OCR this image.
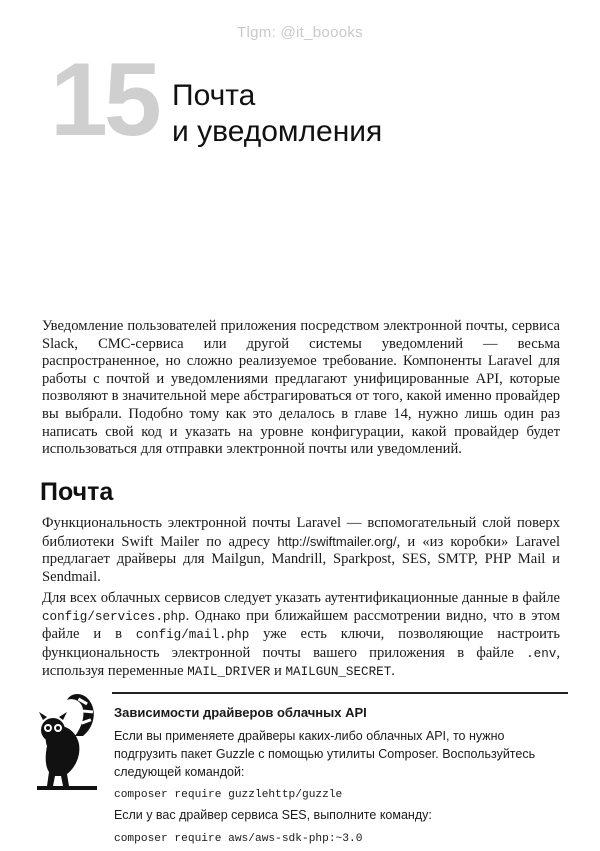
Tlgm: @it_boooks
15 Почта
и уведомления

Уведомление пользователей приложения посредством электронной почты, сервиса Slack, СМС-сервиса или другой системы уведомлений — весьма распространенное, но сложно реализуемое требование. Компоненты Laravel для работы с почтой и уведомлениями предлагают унифицированные API, которые позволяют в значительной мере абстрагироваться от того, какой именно провайдер вы выбрали. Подобно тому как это делалось в главе 14, нужно лишь один раз написать свой код и указать на уровне конфигурации, какой провайдер будет использоваться для отправки электронной почты или уведомлений.

Почта

Функциональность электронной почты Laravel — вспомогательный слой поверх библиотеки Swift Mailer по адресу http://swiftmailer.org/, и «из коробки» Laravel предлагает драйверы для Mailgun, Mandrill, Sparkpost, SES, SMTP, PHP Mail и Sendmail.

Для всех облачных сервисов следует указать аутентификационные данные в файле config/services.php. Однако при ближайшем рассмотрении видно, что в этом файле и в config/mail.php уже есть ключи, позволяющие настроить функциональность электронной почты вашего приложения в файле .env, используя переменные MAIL_DRIVER и MAILGUN_SECRET.

Зависимости драйверов облачных API

Если вы применяете драйверы каких-либо облачных API, то нужно подгрузить пакет Guzzle с помощью утилиты Composer. Воспользуйтесь следующей командой:

composer require guzzlehttp/guzzle

Если у вас драйвер сервиса SES, выполните команду:

composer require aws/aws-sdk-php:~3.0
